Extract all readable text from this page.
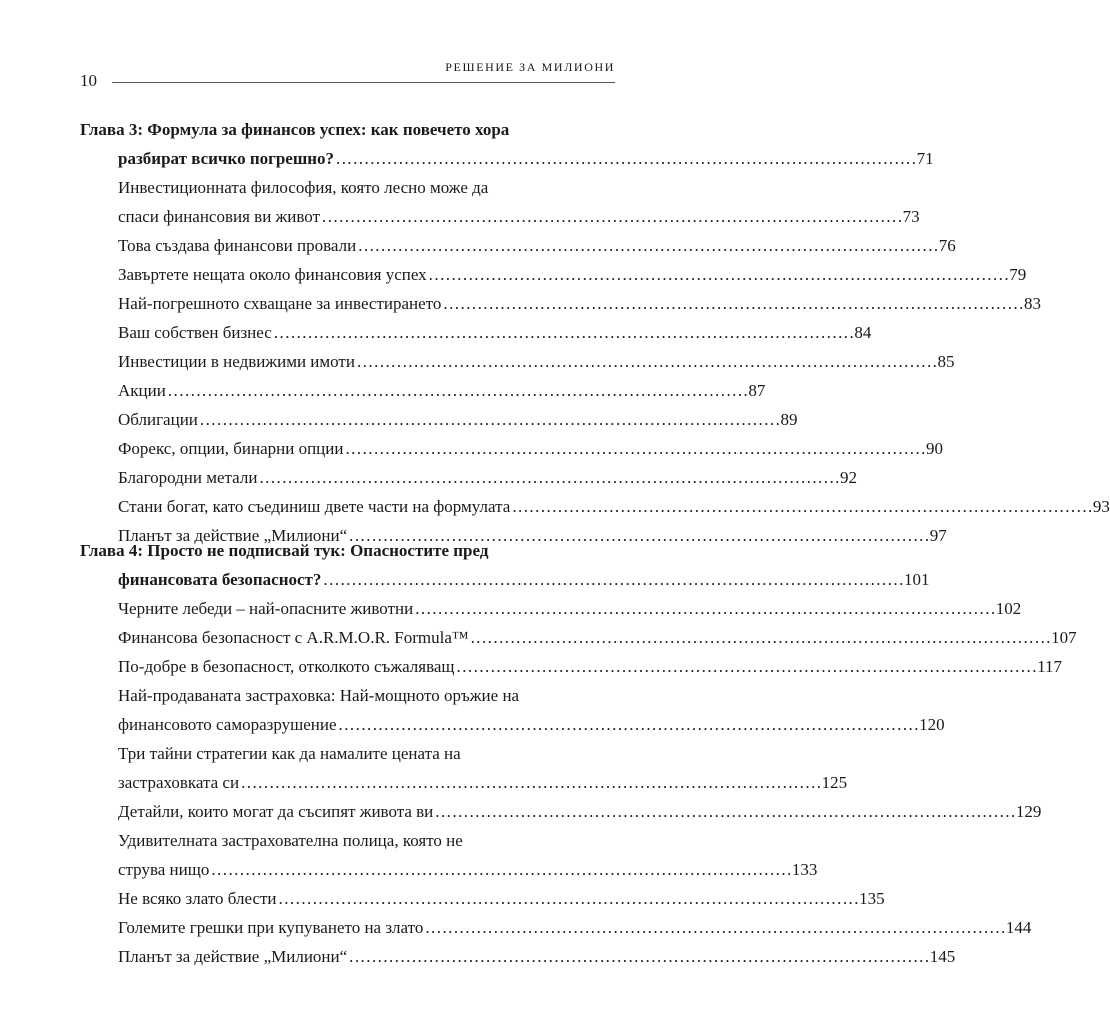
10
РЕШЕНИЕ ЗА МИЛИОНИ
Глава 3: Формула за финансов успех: как повечето хора
разбират всичко погрешно? . . .	71
Инвестиционната философия, която лесно може да
спаси финансовия ви живот . . .	73
Това създава финансови провали . . .	76
Завъртете нещата около финансовия успех . . .	79
Най-погрешното схващане за инвестирането . . .	83
Ваш собствен бизнес . . .	84
Инвестиции в недвижими имоти . . .	85
Акции . . .	87
Облигации . . .	89
Форекс, опции, бинарни опции . . .	90
Благородни метали . . .	92
Стани богат, като съединиш двете части на формулата . . .	93
Планът за действие „Милиони“ . . .	97
Глава 4: Просто не подписвай тук: Опасностите пред
финансовата безопасност? . . .	101
Черните лебеди – най-опасните животни . . .	102
Финансова безопасност с A.R.M.O.R. Formula™ . . .	107
По-добре в безопасност, отколкото съжаляващ . . .	117
Най-продаваната застраховка: Най-мощното оръжие на
финансовото саморазрушение . . .	120
Три тайни стратегии как да намалите цената на
застраховката си . . .	125
Детайли, които могат да съсипят живота ви . . .	129
Удивителната застрахователна полица, която не
струва нищо . . .	133
Не всяко злато блести . . .	135
Големите грешки при купуването на злато . . .	144
Планът за действие „Милиони“ . . .	145
